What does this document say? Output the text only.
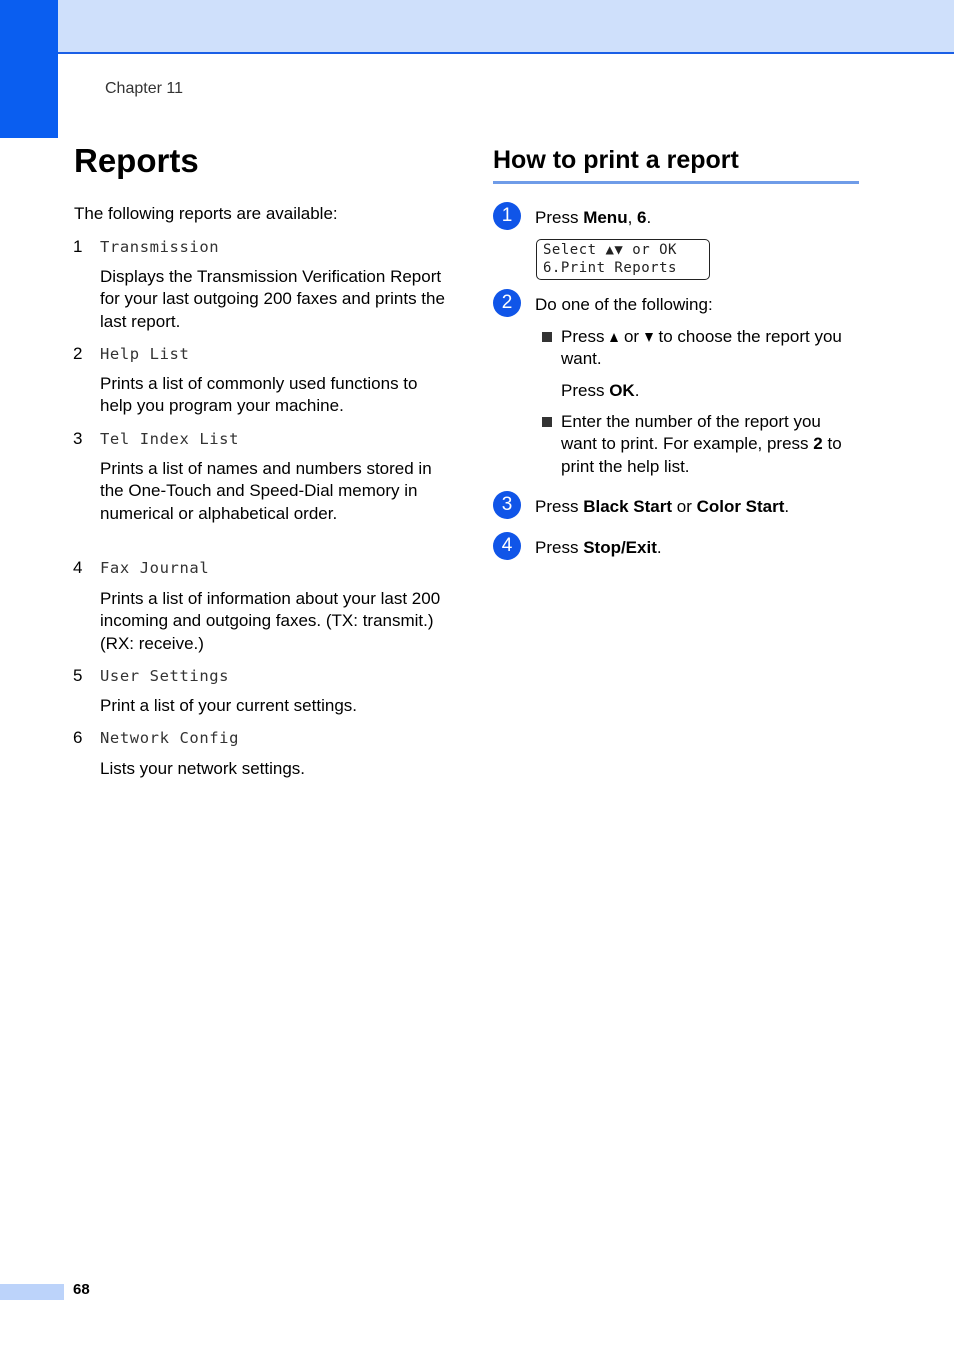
Chapter 11
Reports
The following reports are available:
1 Transmission
Displays the Transmission Verification Report for your last outgoing 200 faxes and prints the last report.
2 Help List
Prints a list of commonly used functions to help you program your machine.
3 Tel Index List
Prints a list of names and numbers stored in the One-Touch and Speed-Dial memory in numerical or alphabetical order.
4 Fax Journal
Prints a list of information about your last 200 incoming and outgoing faxes. (TX: transmit.) (RX: receive.)
5 User Settings
Print a list of your current settings.
6 Network Config
Lists your network settings.
How to print a report
1	Press Menu, 6.
Select ▲▼ or OK
6.Print Reports
2	Do one of the following:
Press or to choose the report you want.
Press OK.
Enter the number of the report you want to print. For example, press 2 to print the help list.
3	Press Black Start or Color Start.
4	Press Stop/Exit.
68
